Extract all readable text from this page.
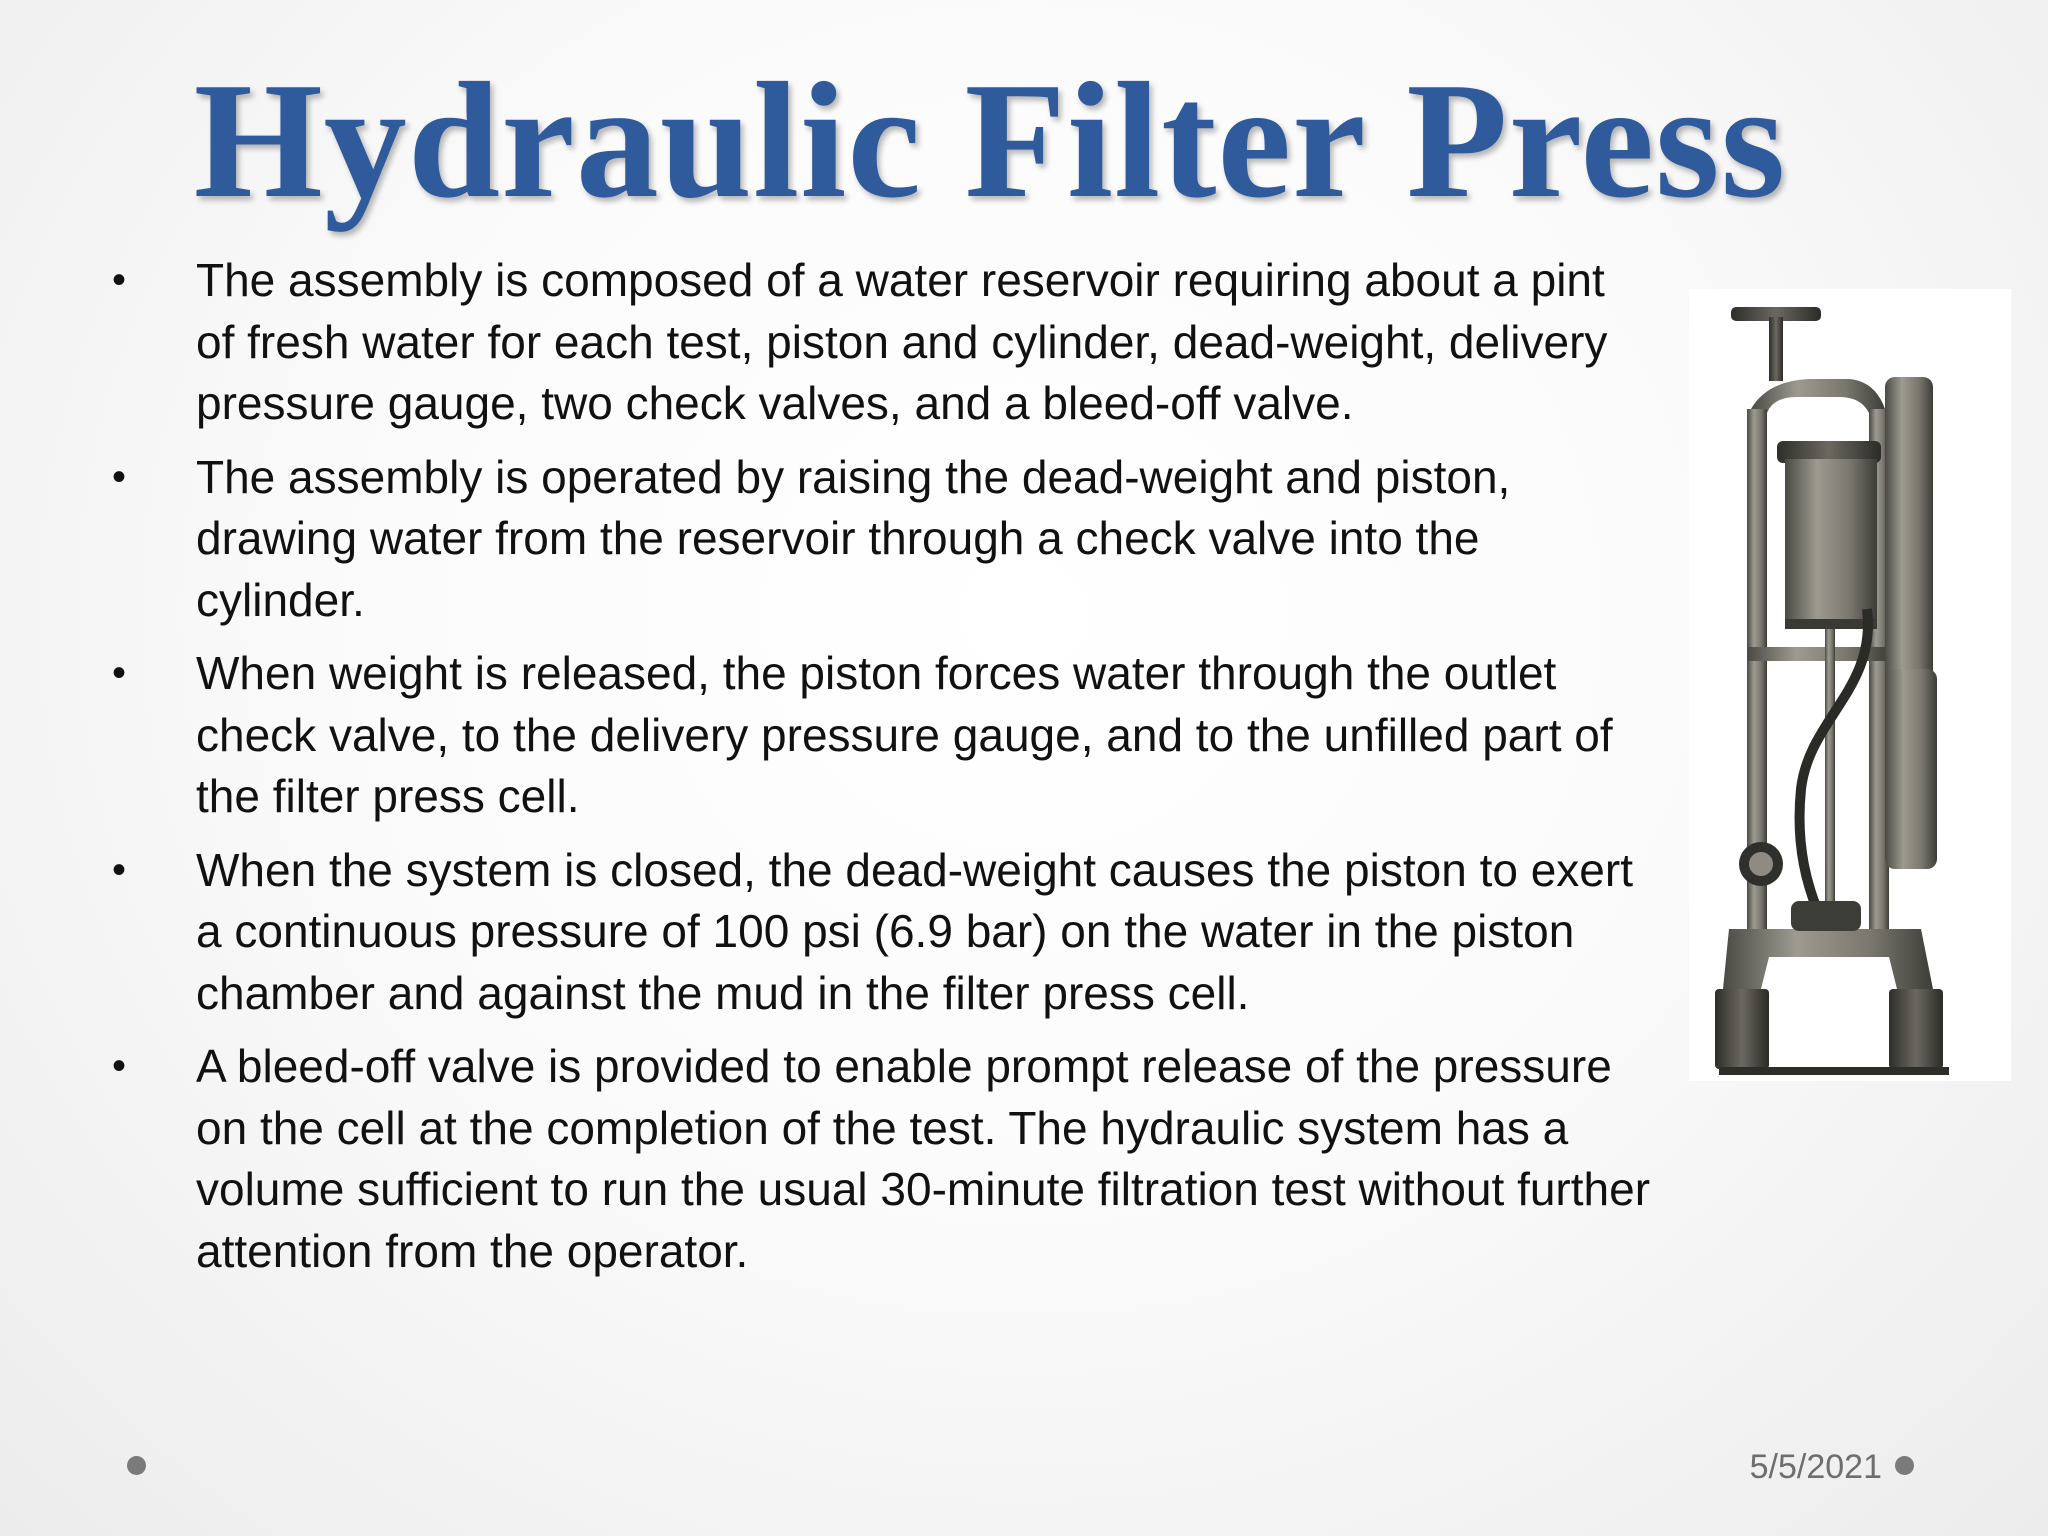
Hydraulic Filter Press
•	The assembly is composed of a water reservoir requiring about a pint of fresh water for each test, piston and cylinder, dead-weight, delivery pressure gauge, two check valves, and a bleed-off valve.
•	The assembly is operated by raising the dead-weight and piston, drawing water from the reservoir through a check valve into the cylinder.
•	When weight is released, the piston forces water through the outlet check valve, to the delivery pressure gauge, and to the unfilled part of the filter press cell.
•	When the system is closed, the dead-weight causes the piston to exert a continuous pressure of 100 psi (6.9 bar) on the water in the piston chamber and against the mud in the filter press cell.
•	A bleed-off valve is provided to enable prompt release of the pressure on the cell at the completion of the test. The hydraulic system has a volume sufficient to run the usual 30-minute filtration test without further attention from the operator.
5/5/2021
